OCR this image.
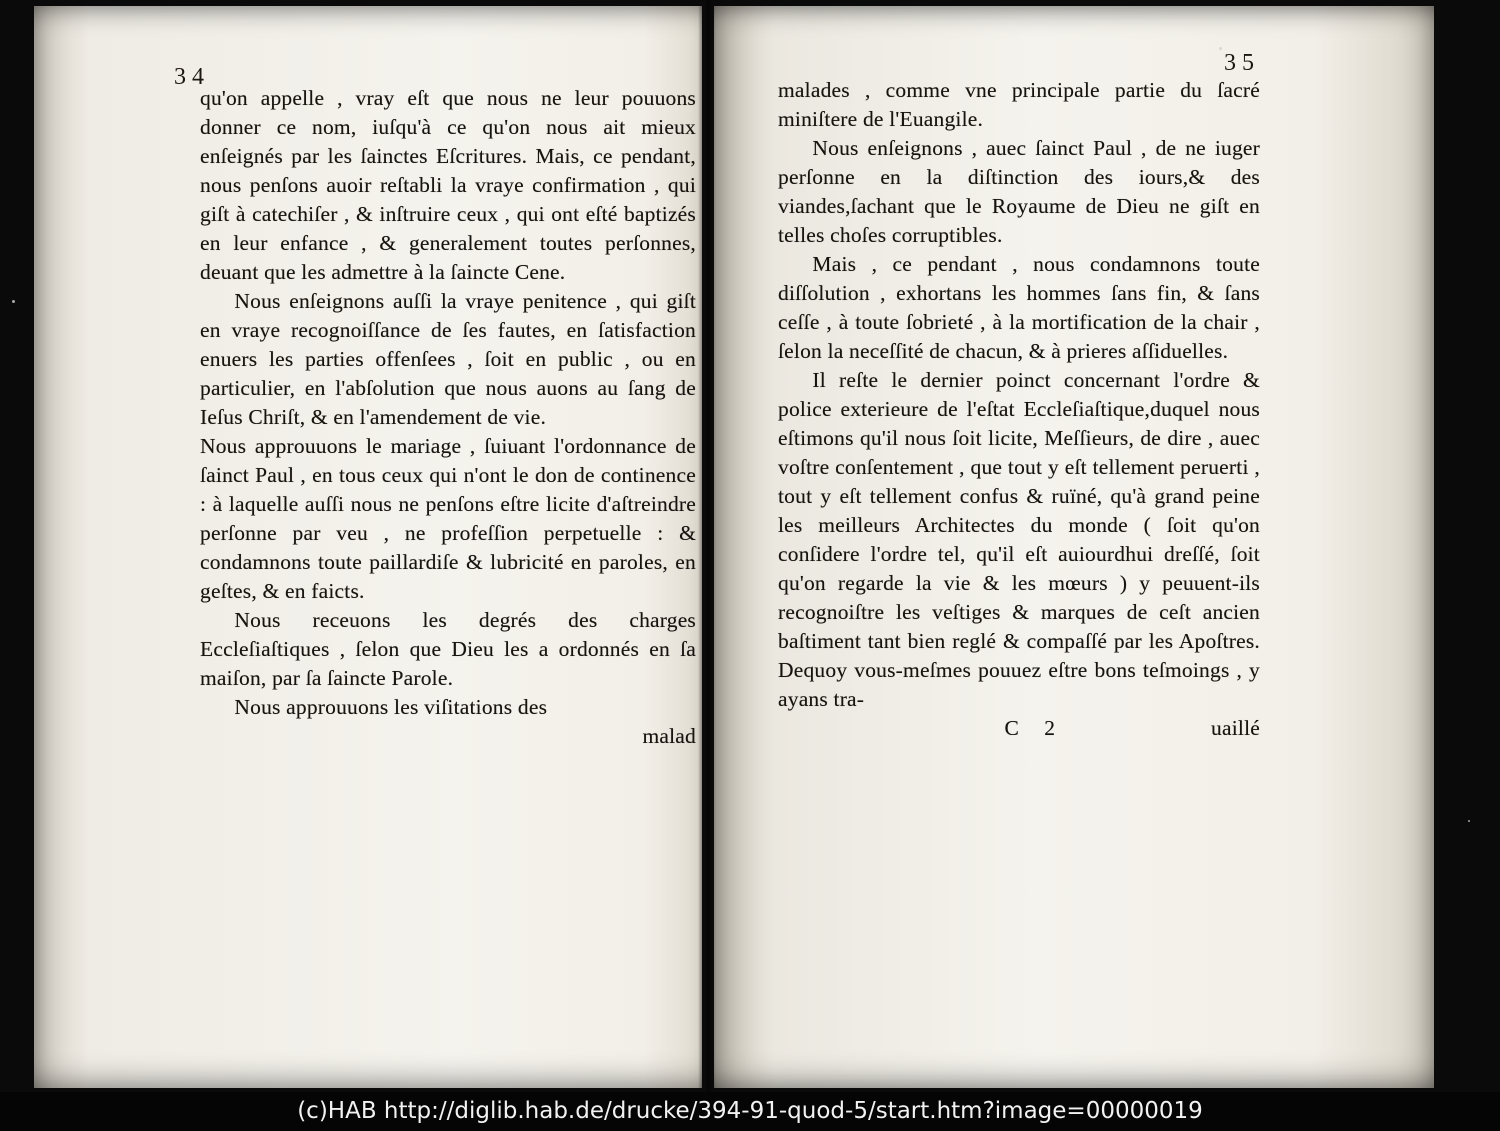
34

qu'on appelle , vray eſt que nous ne leur pouuons donner ce nom, iuſqu'à ce qu'on nous ait mieux enſeignés par les ſainctes Eſcritures. Mais, ce pendant, nous penſons auoir reſtabli la vraye confirmation , qui giſt à catechiſer , & inſtruire ceux , qui ont eſté baptizés en leur enfance , & generalement toutes perſonnes, deuant que les admettre à la ſaincte Cene.

Nous enſeignons auſſi la vraye penitence , qui giſt en vraye recognoiſſance de ſes fautes, en ſatisfaction enuers les parties offenſees , ſoit en public , ou en particulier, en l'abſolution que nous auons au ſang de Ieſus Chriſt, & en l'amendement de vie.

Nous approuuons le mariage , ſuiuant l'ordonnance de ſainct Paul , en tous ceux qui n'ont le don de continence : à laquelle auſſi nous ne penſons eſtre licite d'aſtreindre perſonne par veu , ne profeſſion perpetuelle : & condamnons toute paillardiſe & lubricité en paroles, en geſtes, & en faicts.

Nous receuons les degrés des charges Eccleſiaſtiques , ſelon que Dieu les a ordonnés en ſa maiſon, par ſa ſaincte Parole.

Nous approuuons les viſitations des

malad

35

malades , comme vne principale partie du ſacré miniſtere de l'Euangile.

Nous enſeignons , auec ſainct Paul , de ne iuger perſonne en la diſtinction des iours,& des viandes,ſachant que le Royaume de Dieu ne giſt en telles choſes corruptibles.

Mais , ce pendant , nous condamnons toute diſſolution , exhortans les hommes ſans fin, & ſans ceſſe , à toute ſobrieté , à la mortification de la chair , ſelon la neceſſité de chacun, & à prieres aſſiduelles.

Il reſte le dernier poinct concernant l'ordre & police exterieure de l'eſtat Eccleſiaſtique,duquel nous eſtimons qu'il nous ſoit licite, Meſſieurs, de dire , auec voſtre conſentement , que tout y eſt tellement peruerti , tout y eſt tellement confus & ruïné, qu'à grand peine les meilleurs Architectes du monde ( ſoit qu'on conſidere l'ordre tel, qu'il eſt auiourdhui dreſſé, ſoit qu'on regarde la vie & les mœurs ) y peuuent-ils recognoiſtre les veſtiges & marques de ceſt ancien baſtiment tant bien reglé & compaſſé par les Apoſtres. Dequoy vous-meſmes pouuez eſtre bons teſmoings , y ayans tra-

C 2	uaillé

(c)HAB http://diglib.hab.de/drucke/394-91-quod-5/start.htm?image=00000019
